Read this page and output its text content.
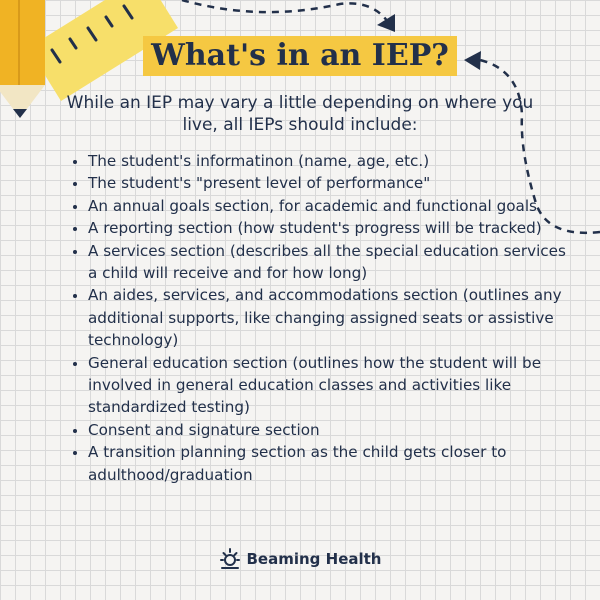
What's in an IEP?

While an IEP may vary a little depending on where you live, all IEPs should include:

• The student's informatinon (name, age, etc.)
• The student's "present level of performance"
• An annual goals section, for academic and functional goals
• A reporting section (how student's progress will be tracked)
• A services section (describes all the special education services a child will receive and for how long)
• An aides, services, and accommodations section (outlines any additional supports, like changing assigned seats or assistive technology)
• General education section (outlines how the student will be involved in general education classes and activities like standardized testing)
• Consent and signature section
• A transition planning section as the child gets closer to adulthood/graduation
Beaming Health
